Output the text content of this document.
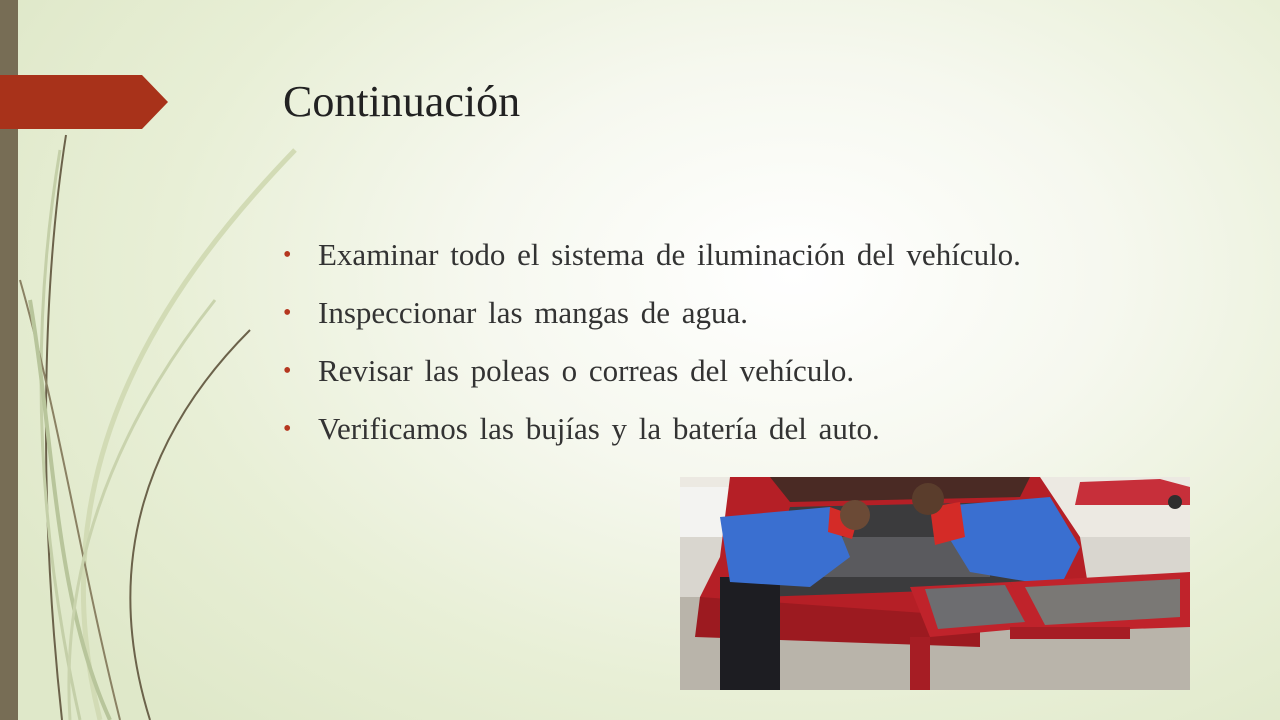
Continuación
• Examinar todo el sistema de iluminación del vehículo.
• Inspeccionar las mangas de agua.
• Revisar las poleas o correas del vehículo.
• Verificamos las bujías y la batería del auto.
